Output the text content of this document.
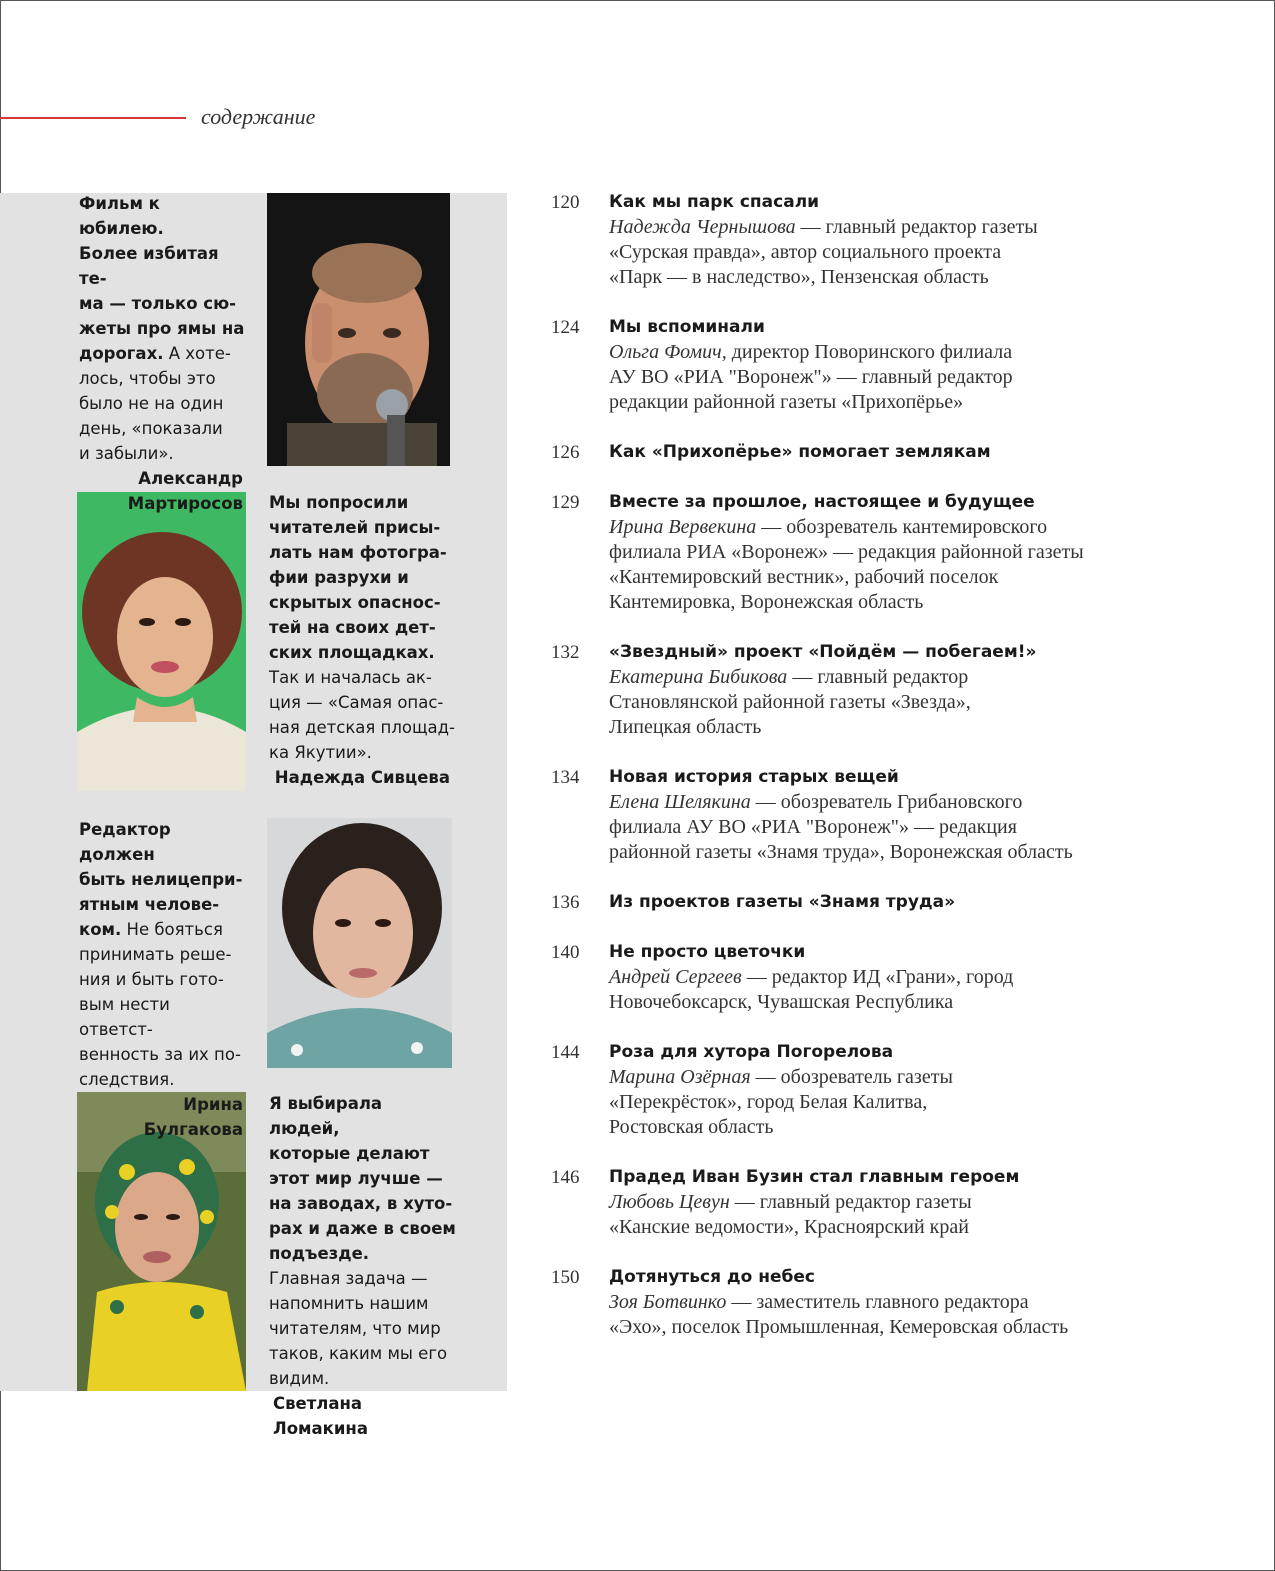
содержание

Фильм к юбилею.
Более избитая те-
ма — только сю-
жеты про ямы на
дорогах. А хоте-

лось, чтобы это
было не на один
день, «показали
и забыли».

Александр
Мартиросов Мы попросили
читателей присы-
лать нам фотогра-
фии разрухи и
скрытых опаснос-
тей на своих дет-
ских площадках.

Так и началась ак-
ция — «Самая опас-
ная детская площад-
ка Якутии».

Надежда Сивцева

Редактор должен
быть нелицепри-
ятным челове-
ком. Не бояться

принимать реше-
ния и быть гото-
вым нести ответст-
венность за их по-
следствия.

Ирина Булгакова

Я выбирала людей,
которые делают
этот мир лучше —
на заводах, в хуто-
рах и даже в своем
подъезде.

Главная задача —
напомнить нашим
читателям, что мир
таков, каким мы его
видим.

Светлана Ломакина

120	Как мы парк спасали
Надежда Чернышова — главный редактор газеты
«Сурская правда», автор социального проекта
«Парк — в наследство», Пензенская область
124	Мы вспоминали
Ольга Фомич, директор Поворинского филиала
АУ ВО «РИА "Воронеж"» — главный редактор
редакции районной газеты «Прихопёрье»
126	Как «Прихопёрье» помогает землякам
129	Вместе за прошлое, настоящее и будущее
Ирина Вервекина — обозреватель кантемировского
филиала РИА «Воронеж» — редакция районной газеты
«Кантемировский вестник», рабочий поселок
Кантемировка, Воронежская область
132	«Звездный» проект «Пойдём — побегаем!»
Екатерина Бибикова — главный редактор
Становлянской районной газеты «Звезда»,
Липецкая область
134	Новая история старых вещей
Елена Шелякина — обозреватель Грибановского
филиала АУ ВО «РИА "Воронеж"» — редакция
районной газеты «Знамя труда», Воронежская область
136	Из проектов газеты «Знамя труда»
140	Не просто цветочки
Андрей Сергеев — редактор ИД «Грани», город
Новочебоксарск, Чувашская Республика
144	Роза для хутора Погорелова
Марина Озёрная — обозреватель газеты
«Перекрёсток», город Белая Калитва,
Ростовская область
146	Прадед Иван Бузин стал главным героем
Любовь Цевун — главный редактор газеты
«Канские ведомости», Красноярский край
150	Дотянуться до небес
Зоя Ботвинко — заместитель главного редактора
«Эхо», поселок Промышленная, Кемеровская область
